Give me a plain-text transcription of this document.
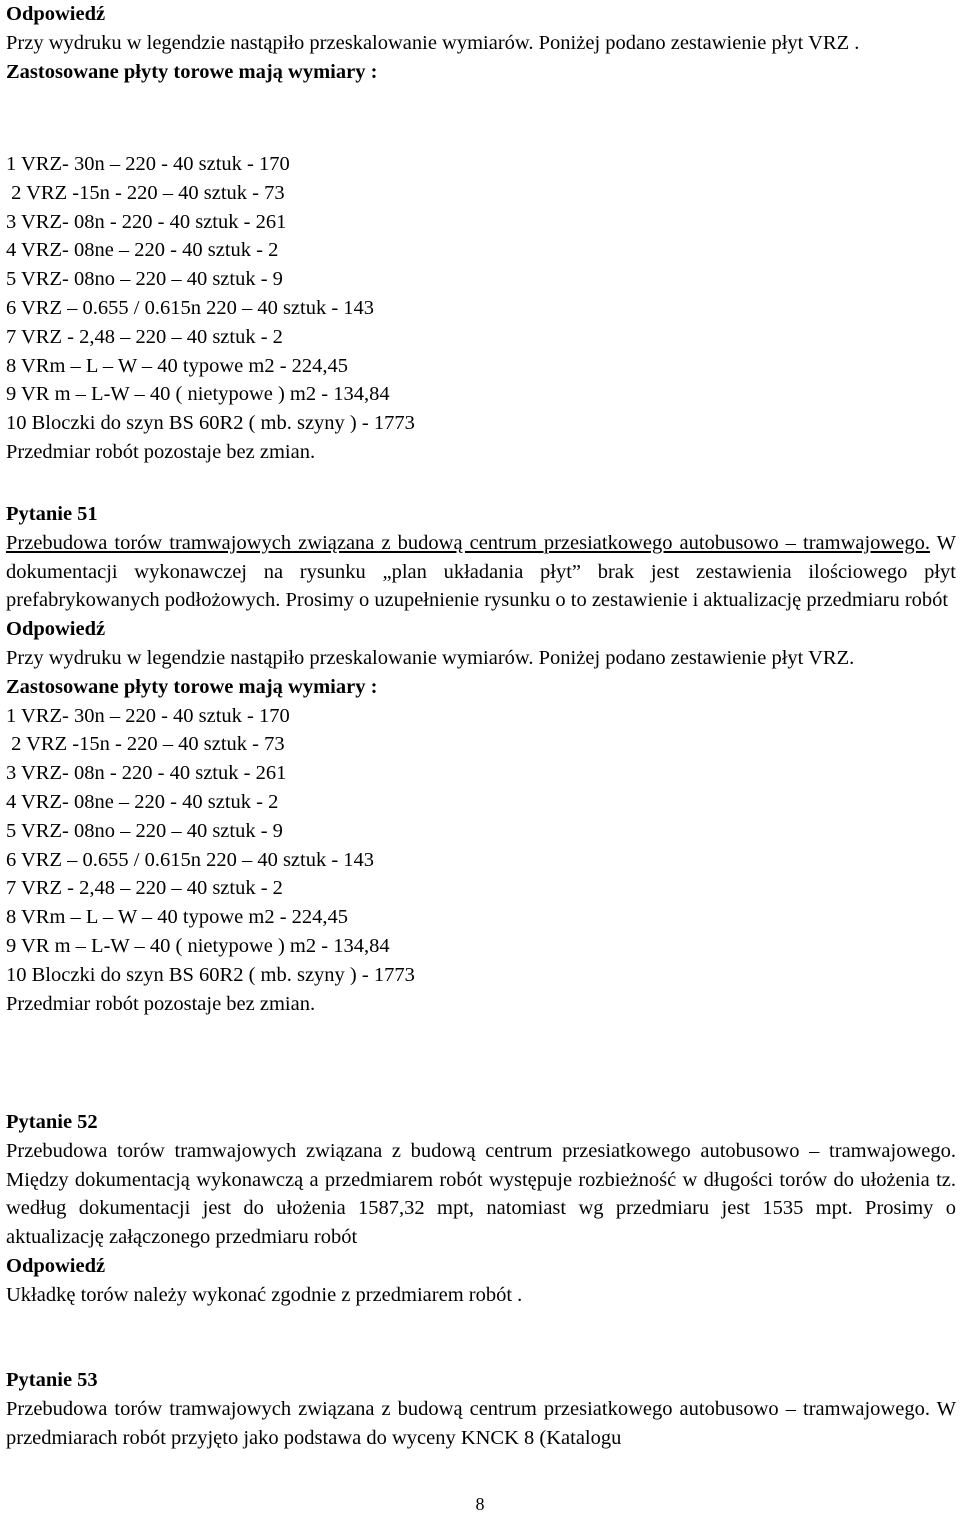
Odpowiedź
Przy wydruku w legendzie nastąpiło przeskalowanie wymiarów. Poniżej podano zestawienie płyt VRZ .
Zastosowane płyty torowe mają wymiary :
1 VRZ- 30n – 220 - 40 sztuk - 170
2 VRZ -15n - 220 – 40 sztuk - 73
3 VRZ- 08n - 220 - 40 sztuk - 261
4 VRZ- 08ne – 220 - 40 sztuk - 2
5 VRZ- 08no – 220 – 40 sztuk - 9
6 VRZ – 0.655 / 0.615n 220 – 40 sztuk - 143
7 VRZ - 2,48 – 220 – 40 sztuk - 2
8 VRm – L – W – 40 typowe m2 - 224,45
9 VR m – L-W – 40 ( nietypowe ) m2 - 134,84
10 Bloczki do szyn BS 60R2 ( mb. szyny ) - 1773
Przedmiar robót pozostaje bez zmian.
Pytanie 51
Przebudowa torów tramwajowych związana z budową centrum przesiatkowego autobusowo – tramwajowego. W dokumentacji wykonawczej na rysunku „plan układania płyt” brak jest zestawienia ilościowego płyt prefabrykowanych podłożowych. Prosimy o uzupełnienie rysunku o to zestawienie i aktualizację przedmiaru robót
Odpowiedź
Przy wydruku w legendzie nastąpiło przeskalowanie wymiarów. Poniżej podano zestawienie płyt VRZ.
Zastosowane płyty torowe mają wymiary :
1 VRZ- 30n – 220 - 40 sztuk - 170
2 VRZ -15n - 220 – 40 sztuk - 73
3 VRZ- 08n - 220 - 40 sztuk - 261
4 VRZ- 08ne – 220 - 40 sztuk - 2
5 VRZ- 08no – 220 – 40 sztuk - 9
6 VRZ – 0.655 / 0.615n 220 – 40 sztuk - 143
7 VRZ - 2,48 – 220 – 40 sztuk - 2
8 VRm – L – W – 40 typowe m2 - 224,45
9 VR m – L-W – 40 ( nietypowe ) m2 - 134,84
10 Bloczki do szyn BS 60R2 ( mb. szyny ) - 1773
Przedmiar robót pozostaje bez zmian.
Pytanie 52
Przebudowa torów tramwajowych związana z budową centrum przesiatkowego autobusowo – tramwajowego. Między dokumentacją wykonawczą a przedmiarem robót występuje rozbieżność w długości torów do ułożenia tz. według dokumentacji jest do ułożenia 1587,32 mpt, natomiast wg przedmiaru jest 1535 mpt. Prosimy o aktualizację załączonego przedmiaru robót
Odpowiedź
Układkę torów należy wykonać zgodnie z przedmiarem robót .
Pytanie 53
Przebudowa torów tramwajowych związana z budową centrum przesiatkowego autobusowo – tramwajowego. W przedmiarach robót przyjęto jako podstawa do wyceny KNCK 8 (Katalogu
8
